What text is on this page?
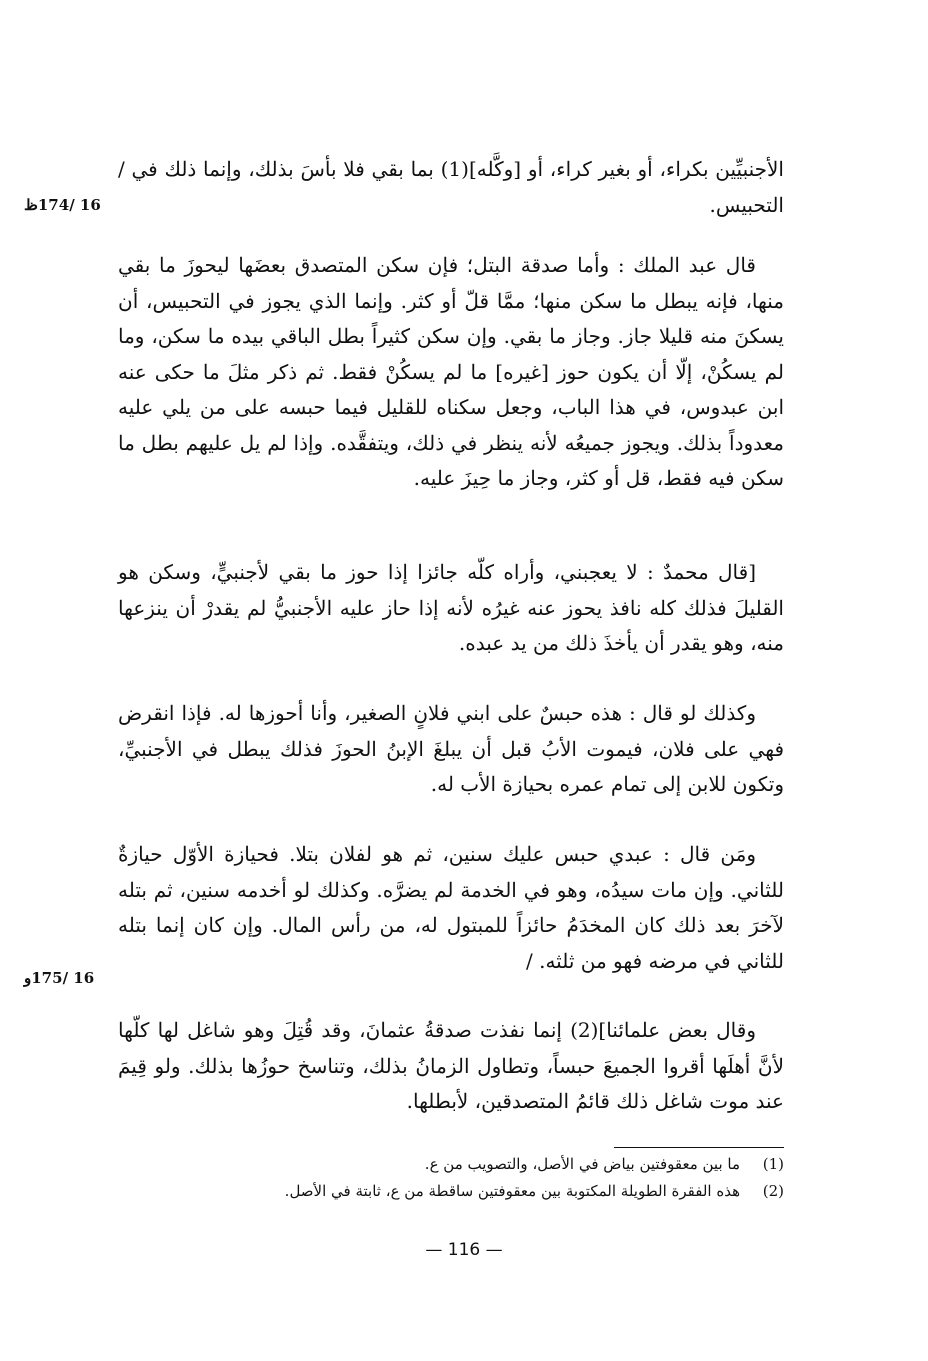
16 /174ظ
16 /175و

الأجنبيِّين بكراء، أو بغير كراء، أو [وكَّله](1) بما بقي فلا بأسَ بذلك، وإنما ذلك في / التحبيس.

قال عبد الملك : وأما صدقة البتل؛ فإن سكن المتصدق بعضَها ليحوزَ ما بقي منها، فإنه يبطل ما سكن منها؛ ممَّا قلّ أو كثر. وإنما الذي يجوز في التحبيس، أن يسكنَ منه قليلا جاز. وجاز ما بقي. وإن سكن كثيراً بطل الباقي بيده ما سكن، وما لم يسكُنْ، إلّا أن يكون حوز [غيره] ما لم يسكُنْ فقط. ثم ذكر مثلَ ما حكى عنه ابن عبدوس، في هذا الباب، وجعل سكناه للقليل فيما حبسه على من يلي عليه معدوداً بذلك. ويجوز جميعُه لأنه ينظر في ذلك، ويتفقَّده. وإذا لم يل عليهم بطل ما سكن فيه فقط، قل أو كثر، وجاز ما حِيزَ عليه.

[قال محمدٌ : لا يعجبني، وأراه كلّه جائزا إذا حوز ما بقي لأجنبيٍّ، وسكن هو القليلَ فذلك كله نافذ يحوز عنه غيرُه لأنه إذا حاز عليه الأجنبيُّ لم يقدرْ أن ينزعها منه، وهو يقدر أن يأخذَ ذلك من يد عبده.

وكذلك لو قال : هذه حبسٌ على ابني فلانٍ الصغير، وأنا أحوزها له. فإذا انقرض فهي على فلان، فيموت الأبُ قبل أن يبلغَ الإبنُ الحوزَ فذلك يبطل في الأجنبيِّ، وتكون للابن إلى تمام عمره بحيازة الأب له.

ومَن قال : عبدي حبس عليك سنين، ثم هو لفلان بتلا. فحيازة الأوّل حيازةٌ للثاني. وإن مات سيدُه، وهو في الخدمة لم يضرَّه. وكذلك لو أخدمه سنين، ثم بتله لآخرَ بعد ذلك كان المخدَمُ حائزاً للمبتول له، من رأس المال. وإن كان إنما بتله للثاني في مرضه فهو من ثلثه. /

وقال بعض علمائنا](2) إنما نفذت صدقةُ عثمانَ، وقد قُتِلَ وهو شاغل لها كلّها لأنَّ أهلَها أقروا الجميعَ حبساً، وتطاول الزمانُ بذلك، وتناسخ حوزُها بذلك. ولو قِيمَ عند موت شاغل ذلك قائمُ المتصدقين، لأبطلها.

(1)
ما بين معقوفتين بياض في الأصل، والتصويب من ع.
(2)
هذه الفقرة الطويلة المكتوبة بين معقوفتين ساقطة من ع، ثابتة في الأصل.
— 116 —
